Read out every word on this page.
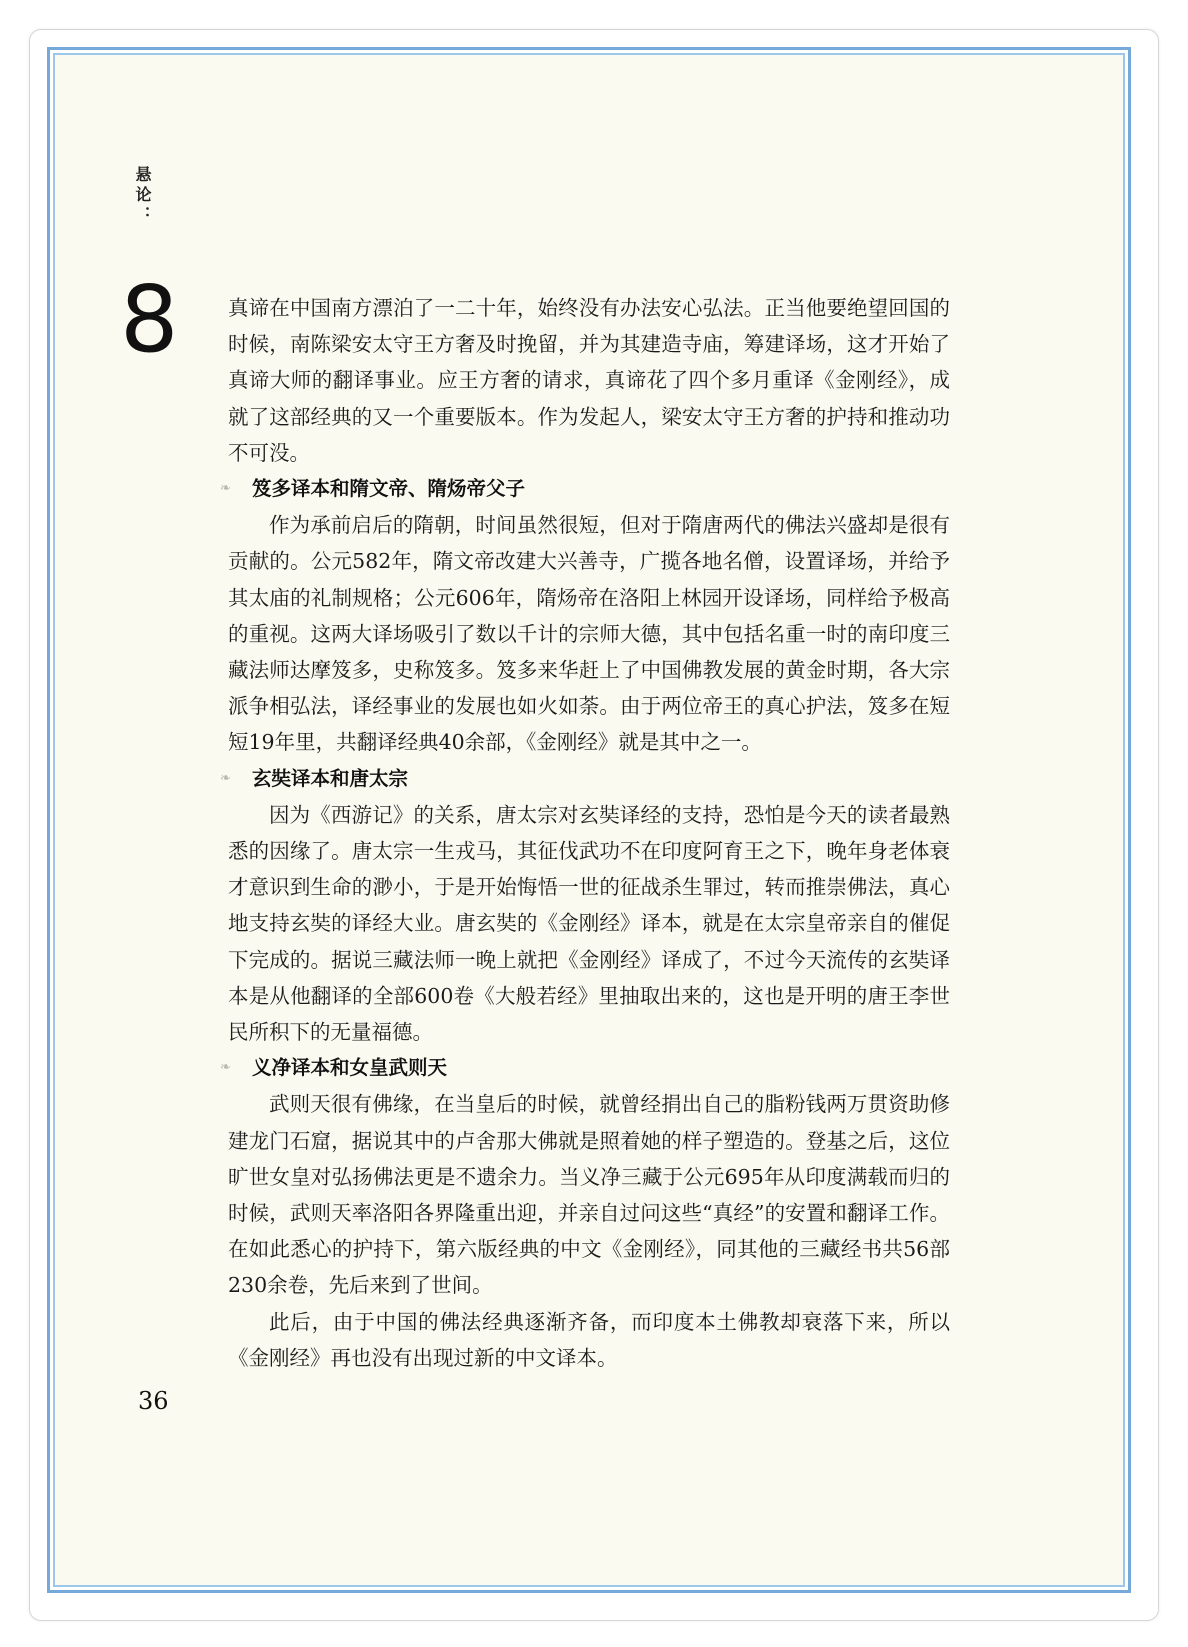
悬论：
8 真谛在中国南方漂泊了一二十年，始终没有办法安心弘法。正当他要绝望回国的时候，南陈梁安太守王方奢及时挽留，并为其建造寺庙，筹建译场，这才开始了真谛大师的翻译事业。应王方奢的请求，真谛花了四个多月重译《金刚经》，成就了这部经典的又一个重要版本。作为发起人，梁安太守王方奢的护持和推动功不可没。

❧ 笈多译本和隋文帝、隋炀帝父子

作为承前启后的隋朝，时间虽然很短，但对于隋唐两代的佛法兴盛却是很有贡献的。公元582年，隋文帝改建大兴善寺，广揽各地名僧，设置译场，并给予其太庙的礼制规格；公元606年，隋炀帝在洛阳上林园开设译场，同样给予极高的重视。这两大译场吸引了数以千计的宗师大德，其中包括名重一时的南印度三藏法师达摩笈多，史称笈多。笈多来华赶上了中国佛教发展的黄金时期，各大宗派争相弘法，译经事业的发展也如火如荼。由于两位帝王的真心护法，笈多在短短19年里，共翻译经典40余部，《金刚经》就是其中之一。

❧ 玄奘译本和唐太宗

因为《西游记》的关系，唐太宗对玄奘译经的支持，恐怕是今天的读者最熟悉的因缘了。唐太宗一生戎马，其征伐武功不在印度阿育王之下，晚年身老体衰才意识到生命的渺小，于是开始悔悟一世的征战杀生罪过，转而推崇佛法，真心地支持玄奘的译经大业。唐玄奘的《金刚经》译本，就是在太宗皇帝亲自的催促下完成的。据说三藏法师一晚上就把《金刚经》译成了，不过今天流传的玄奘译本是从他翻译的全部600卷《大般若经》里抽取出来的，这也是开明的唐王李世民所积下的无量福德。

❧ 义净译本和女皇武则天

武则天很有佛缘，在当皇后的时候，就曾经捐出自己的脂粉钱两万贯资助修建龙门石窟，据说其中的卢舍那大佛就是照着她的样子塑造的。登基之后，这位旷世女皇对弘扬佛法更是不遗余力。当义净三藏于公元695年从印度满载而归的时候，武则天率洛阳各界隆重出迎，并亲自过问这些“真经”的安置和翻译工作。在如此悉心的护持下，第六版经典的中文《金刚经》，同其他的三藏经书共56部230余卷，先后来到了世间。

此后，由于中国的佛法经典逐渐齐备，而印度本土佛教却衰落下来，所以《金刚经》再也没有出现过新的中文译本。

36
